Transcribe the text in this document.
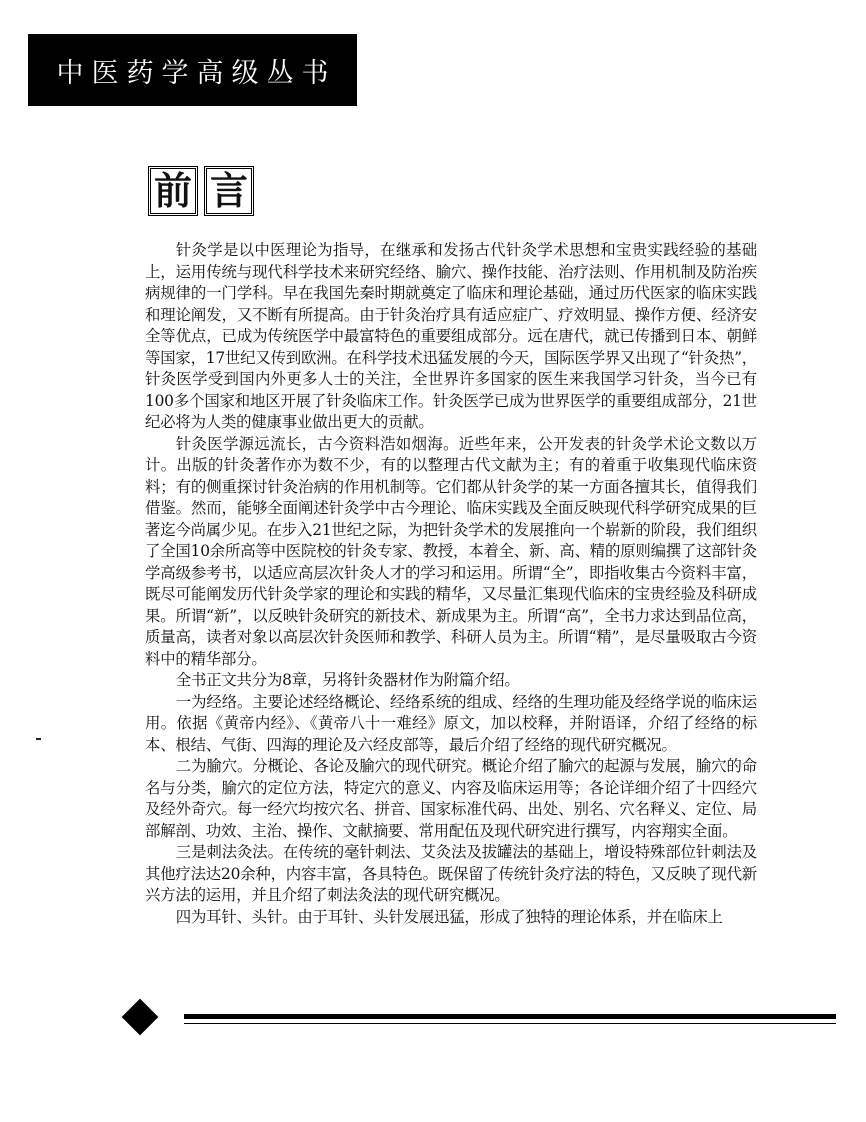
中医药学高级丛书
前 言

针灸学是以中医理论为指导，在继承和发扬古代针灸学术思想和宝贵实践经验的基础上，运用传统与现代科学技术来研究经络、腧穴、操作技能、治疗法则、作用机制及防治疾病规律的一门学科。早在我国先秦时期就奠定了临床和理论基础，通过历代医家的临床实践和理论阐发，又不断有所提高。由于针灸治疗具有适应症广、疗效明显、操作方便、经济安全等优点，已成为传统医学中最富特色的重要组成部分。远在唐代，就已传播到日本、朝鲜等国家，17世纪又传到欧洲。在科学技术迅猛发展的今天，国际医学界又出现了“针灸热”，针灸医学受到国内外更多人士的关注，全世界许多国家的医生来我国学习针灸，当今已有100多个国家和地区开展了针灸临床工作。针灸医学已成为世界医学的重要组成部分，21世纪必将为人类的健康事业做出更大的贡献。

针灸医学源远流长，古今资料浩如烟海。近些年来，公开发表的针灸学术论文数以万计。出版的针灸著作亦为数不少，有的以整理古代文献为主；有的着重于收集现代临床资料；有的侧重探讨针灸治病的作用机制等。它们都从针灸学的某一方面各擅其长，值得我们借鉴。然而，能够全面阐述针灸学中古今理论、临床实践及全面反映现代科学研究成果的巨著迄今尚属少见。在步入21世纪之际，为把针灸学术的发展推向一个崭新的阶段，我们组织了全国10余所高等中医院校的针灸专家、教授，本着全、新、高、精的原则编撰了这部针灸学高级参考书，以适应高层次针灸人才的学习和运用。所谓“全”，即指收集古今资料丰富，既尽可能阐发历代针灸学家的理论和实践的精华，又尽量汇集现代临床的宝贵经验及科研成果。所谓“新”，以反映针灸研究的新技术、新成果为主。所谓“高”，全书力求达到品位高，质量高，读者对象以高层次针灸医师和教学、科研人员为主。所谓“精”，是尽量吸取古今资料中的精华部分。

全书正文共分为8章，另将针灸器材作为附篇介绍。

一为经络。主要论述经络概论、经络系统的组成、经络的生理功能及经络学说的临床运用。依据《黄帝内经》、《黄帝八十一难经》原文，加以校释，并附语译，介绍了经络的标本、根结、气街、四海的理论及六经皮部等，最后介绍了经络的现代研究概况。

二为腧穴。分概论、各论及腧穴的现代研究。概论介绍了腧穴的起源与发展，腧穴的命名与分类，腧穴的定位方法，特定穴的意义、内容及临床运用等；各论详细介绍了十四经穴及经外奇穴。每一经穴均按穴名、拼音、国家标准代码、出处、别名、穴名释义、定位、局部解剖、功效、主治、操作、文献摘要、常用配伍及现代研究进行撰写，内容翔实全面。

三是刺法灸法。在传统的毫针刺法、艾灸法及拔罐法的基础上，增设特殊部位针刺法及其他疗法达20余种，内容丰富，各具特色。既保留了传统针灸疗法的特色，又反映了现代新兴方法的运用，并且介绍了刺法灸法的现代研究概况。

四为耳针、头针。由于耳针、头针发展迅猛，形成了独特的理论体系，并在临床上
